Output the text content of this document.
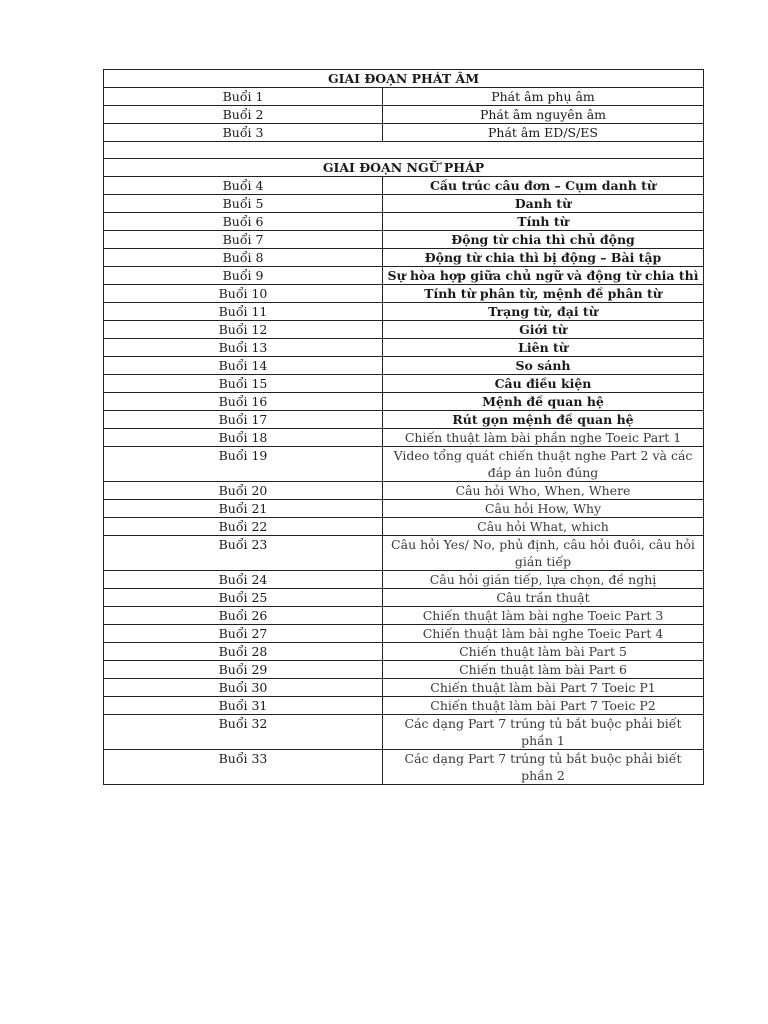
GIAI ĐOẠN PHÁT ÂM	
Buổi 1	Phát âm phụ âm
Buổi 2	Phát âm nguyên âm
Buổi 3	Phát âm ED/S/ES

GIAI ĐOẠN NGỮ PHÁP	
Buổi 4	Cấu trúc câu đơn – Cụm danh từ
Buổi 5	Danh từ
Buổi 6	Tính từ
Buổi 7	Động từ chia thì chủ động
Buổi 8	Động từ chia thì bị động – Bài tập
Buổi 9	Sự hòa hợp giữa chủ ngữ và động từ chia thì
Buổi 10	Tính từ phân từ, mệnh đề phân từ
Buổi 11	Trạng từ, đại từ
Buổi 12	Giới từ
Buổi 13	Liên từ
Buổi 14	So sánh
Buổi 15	Câu điều kiện
Buổi 16	Mệnh đề quan hệ
Buổi 17	Rút gọn mệnh đề quan hệ
Buổi 18	Chiến thuật làm bài phần nghe Toeic Part 1
Buổi 19	Video tổng quát chiến thuật nghe Part 2 và các đáp án luôn đúng
Buổi 20	Câu hỏi Who, When, Where
Buổi 21	Câu hỏi How, Why
Buổi 22	Câu hỏi What, which
Buổi 23	Câu hỏi Yes/ No, phủ định, câu hỏi đuôi, câu hỏi gián tiếp
Buổi 24	Câu hỏi gián tiếp, lựa chọn, đề nghị
Buổi 25	Câu trần thuật
Buổi 26	Chiến thuật làm bài nghe Toeic Part 3
Buổi 27	Chiến thuật làm bài nghe Toeic Part 4
Buổi 28	Chiến thuật làm bài Part 5
Buổi 29	Chiến thuật làm bài Part 6
Buổi 30	Chiến thuật làm bài Part 7 Toeic P1
Buổi 31	Chiến thuật làm bài Part 7 Toeic P2
Buổi 32	Các dạng Part 7 trúng tủ bắt buộc phải biết phần 1
Buổi 33	Các dạng Part 7 trúng tủ bắt buộc phải biết phần 2
